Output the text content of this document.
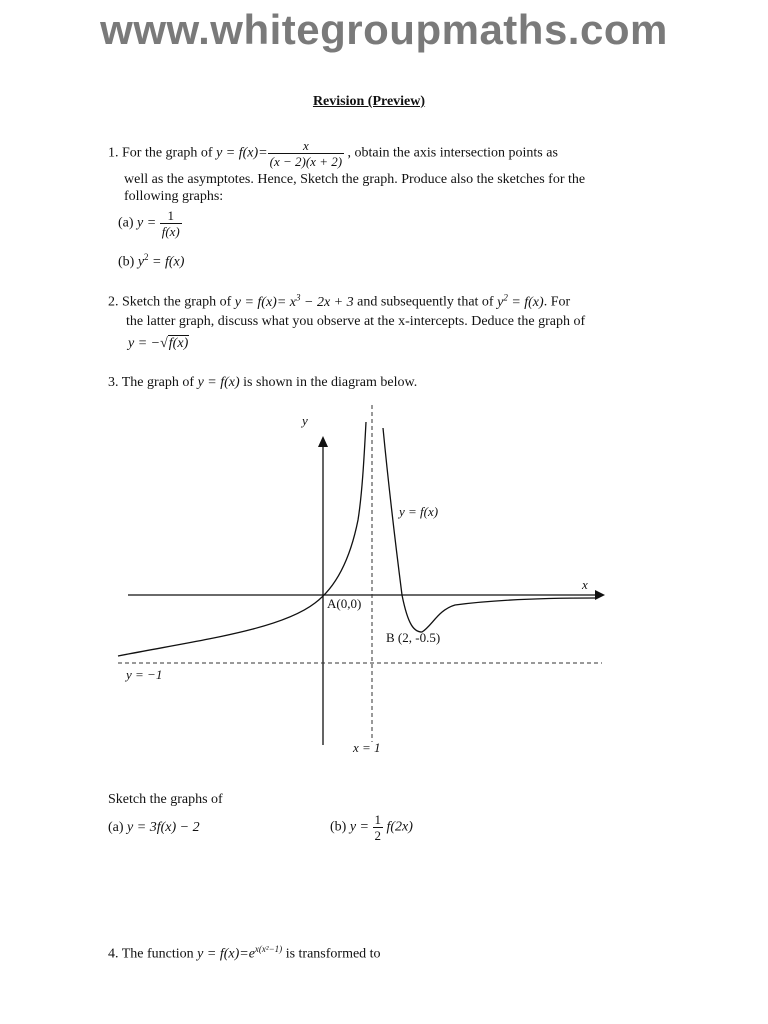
www.whitegroupmaths.com
Revision (Preview)
1. For the graph of $y = f(x)= \frac{x}{(x - 2)(x + 2)}$ , obtain the axis intersection points as
well as the asymptotes. Hence, Sketch the graph. Produce also the sketches for the
following graphs:
(a) $y = \frac{1}{f(x)}$
(b) $y^2 = f(x)$
2. Sketch the graph of $y = f(x)= x^3 - 2x + 3$ and subsequently that of $y^2 = f(x)$. For
the latter graph, discuss what you observe at the x-intercepts. Deduce the graph of
y = −√f(x)
3. The graph of y = f(x) is shown in the diagram below.
y
x
y = f(x)
A(0,0)
B (2, -0.5)
y = −1
x = 1
Sketch the graphs of
(a) y = 3f(x) − 2	(b) $y = \frac{1}{2} f(2x)$
4. The function $y = f(x)=e^{x(x^2-1)}$ is transformed to
